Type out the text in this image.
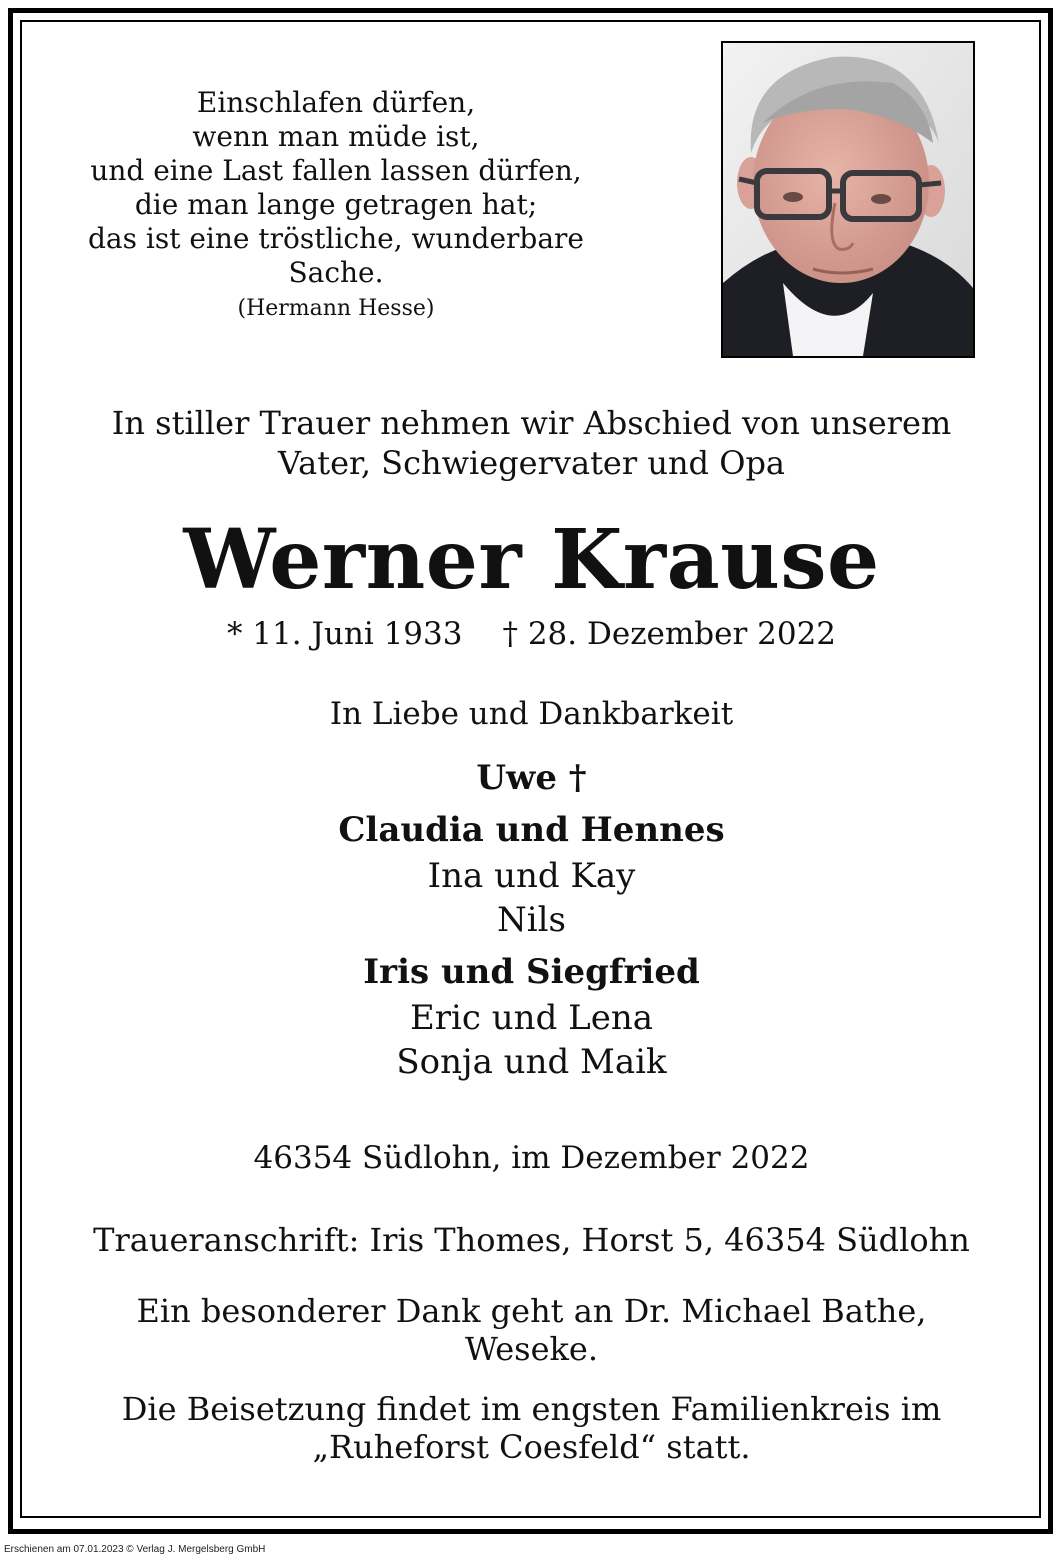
Einschlafen dürfen,
wenn man müde ist,
und eine Last fallen lassen dürfen,
die man lange getragen hat;
das ist eine tröstliche, wunderbare
Sache.
(Hermann Hesse)
In stiller Trauer nehmen wir Abschied von unserem
Vater, Schwiegervater und Opa
Werner Krause
* 11. Juni 1933 † 28. Dezember 2022
In Liebe und Dankbarkeit
Uwe †
Claudia und Hennes
Ina und Kay
Nils
Iris und Siegfried
Eric und Lena
Sonja und Maik
46354 Südlohn, im Dezember 2022
Traueranschrift: Iris Thomes, Horst 5, 46354 Südlohn
Ein besonderer Dank geht an Dr. Michael Bathe,
Weseke.
Die Beisetzung findet im engsten Familienkreis im
„Ruheforst Coesfeld“ statt.
Erschienen am 07.01.2023 © Verlag J. Mergelsberg GmbH
